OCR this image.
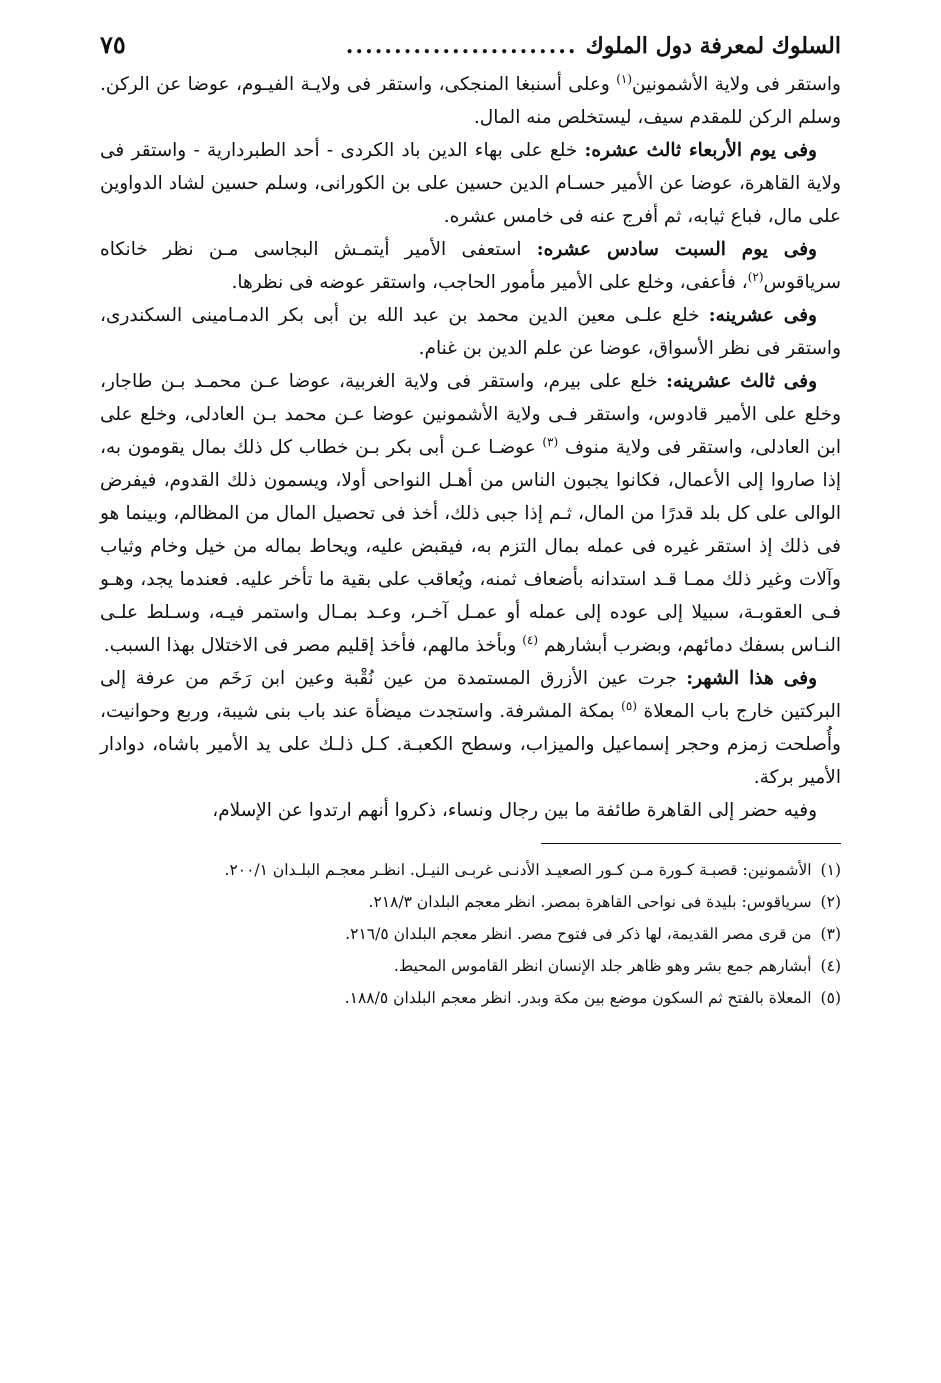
السلوك لمعرفة دول الملوك
........................
٧٥

واستقر فى ولاية الأشمونين$^{(١)}$ وعلى أسنبغا المنجكى، واستقر فى ولايـة الفيـوم، عوضا عن الركن. وسلم الركن للمقدم سيف، ليستخلص منه المال.

وفى يوم الأربعاء ثالث عشره: خلع على بهاء الدين باد الكردى - أحد الطبردارية - واستقر فى ولاية القاهرة، عوضا عن الأمير حسـام الدين حسين على بن الكورانى، وسلم حسين لشاد الدواوين على مال، فباع ثيابه، ثم أفرج عنه فى خامس عشره.

وفى يوم السبت سادس عشره: استعفى الأمير أيتمـش البجاسى مـن نظر خانكاه سرياقوس$^{(٢)}$، فأعفى، وخلع على الأمير مأمور الحاجب، واستقر عوضه فى نظرها.

وفى عشرينه: خلع علـى معين الدين محمد بن عبد الله بن أبى بكر الدمـامينى السكندرى، واستقر فى نظر الأسواق، عوضا عن علم الدين بن غنام.

وفى ثالث عشرينه: خلع على بيرم، واستقر فى ولاية الغربية، عوضا عـن محمـد بـن طاجار، وخلع على الأمير قادوس، واستقر فـى ولاية الأشمونين عوضا عـن محمد بـن العادلى، وخلع على ابن العادلى، واستقر فى ولاية منوف $^{(٣)}$ عوضـا عـن أبى بكر بـن خطاب كل ذلك بمال يقومون به، إذا صاروا إلى الأعمال، فكانوا يجبون الناس من أهـل النواحى أولا، ويسمون ذلك القدوم، فيفرض الوالى على كل بلد قدرًا من المال، ثـم إذا جبى ذلك، أخذ فى تحصيل المال من المظالم، وبينما هو فى ذلك إذ استقر غيره فى عمله بمال التزم به، فيقبض عليه، ويحاط بماله من خيل وخام وثياب وآلات وغير ذلك ممـا قـد استدانه بأضعاف ثمنه، ويُعاقب على بقية ما تأخر عليه. فعندما يجد، وهـو فـى العقوبـة، سبيلا إلى عوده إلى عمله أو عمـل آخـر، وعـد بمـال واستمر فيـه، وسـلط علـى النـاس بسفك دمائهم، وبضرب أبشارهم $^{(٤)}$ وبأخذ مالهم، فأخذ إقليم مصر فى الاختلال بهذا السبب.

وفى هذا الشهر: جرت عين الأزرق المستمدة من عين نُقْبة وعين ابن رَخَم من عرفة إلى البركتين خارج باب المعلاة $^{(٥)}$ بمكة المشرفة. واستجدت ميضأة عند باب بنى شيبة، وربع وحوانيت، وأُصلحت زمزم وحجر إسماعيل والميزاب، وسطح الكعبـة. كـل ذلـك على يد الأمير باشاه، دوادار الأمير بركة.

وفيه حضر إلى القاهرة طائفة ما بين رجال ونساء، ذكروا أنهم ارتدوا عن الإسلام،

(١) الأشمونين: قصبـة كـورة مـن كـور الصعيـد الأدنـى غربـى النيـل. انظـر معجـم البلـدان ٢٠٠/١.

(٢) سرياقوس: بليدة فى نواحى القاهرة بمصر. انظر معجم البلدان ٢١٨/٣.

(٣) من قرى مصر القديمة، لها ذكر فى فتوح مصر. انظر معجم البلدان ٢١٦/٥.

(٤) أبشارهم جمع بشر وهو ظاهر جلد الإنسان انظر القاموس المحيط.

(٥) المعلاة بالفتح ثم السكون موضع بين مكة وبدر. انظر معجم البلدان ١٨٨/٥.
